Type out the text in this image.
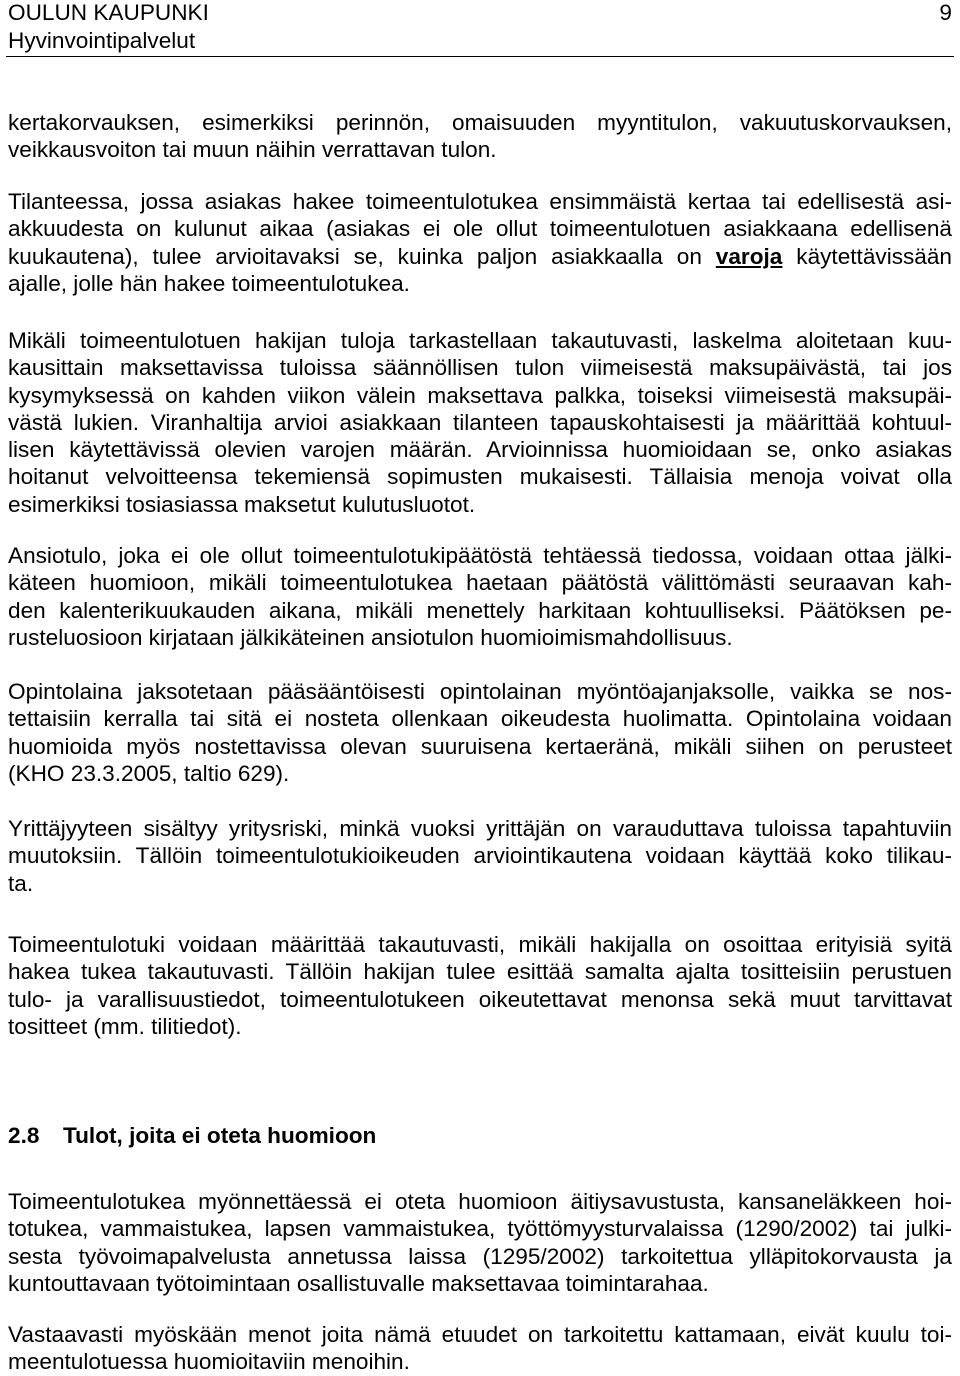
OULUN KAUPUNKI
Hyvinvointipalvelut
9
kertakorvauksen, esimerkiksi perinnön, omaisuuden myyntitulon, vakuutuskorvauksen,
veikkausvoiton tai muun näihin verrattavan tulon.
Tilanteessa, jossa asiakas hakee toimeentulotukea ensimmäistä kertaa tai edellisestä asi-
akkuudesta on kulunut aikaa (asiakas ei ole ollut toimeentulotuen asiakkaana edellisenä
kuukautena), tulee arvioitavaksi se, kuinka paljon asiakkaalla on varoja käytettävissään
ajalle, jolle hän hakee toimeentulotukea.
Mikäli toimeentulotuen hakijan tuloja tarkastellaan takautuvasti, laskelma aloitetaan kuu-
kausittain maksettavissa tuloissa säännöllisen tulon viimeisestä maksupäivästä, tai jos
kysymyksessä on kahden viikon välein maksettava palkka, toiseksi viimeisestä maksupäi-
västä lukien. Viranhaltija arvioi asiakkaan tilanteen tapauskohtaisesti ja määrittää kohtuul-
lisen käytettävissä olevien varojen määrän. Arvioinnissa huomioidaan se, onko asiakas
hoitanut velvoitteensa tekemiensä sopimusten mukaisesti. Tällaisia menoja voivat olla
esimerkiksi tosiasiassa maksetut kulutusluotot.
Ansiotulo, joka ei ole ollut toimeentulotukipäätöstä tehtäessä tiedossa, voidaan ottaa jälki-
käteen huomioon, mikäli toimeentulotukea haetaan päätöstä välittömästi seuraavan kah-
den kalenterikuukauden aikana, mikäli menettely harkitaan kohtuulliseksi. Päätöksen pe-
rusteluosioon kirjataan jälkikäteinen ansiotulon huomioimismahdollisuus.
Opintolaina jaksotetaan pääsääntöisesti opintolainan myöntöajanjaksolle, vaikka se nos-
tettaisiin kerralla tai sitä ei nosteta ollenkaan oikeudesta huolimatta. Opintolaina voidaan
huomioida myös nostettavissa olevan suuruisena kertaeränä, mikäli siihen on perusteet
(KHO 23.3.2005, taltio 629).
Yrittäjyyteen sisältyy yritysriski, minkä vuoksi yrittäjän on varauduttava tuloissa tapahtuviin
muutoksiin. Tällöin toimeentulotukioikeuden arviointikautena voidaan käyttää koko tilikau-
ta.
Toimeentulotuki voidaan määrittää takautuvasti, mikäli hakijalla on osoittaa erityisiä syitä
hakea tukea takautuvasti. Tällöin hakijan tulee esittää samalta ajalta tositteisiin perustuen
tulo- ja varallisuustiedot, toimeentulotukeen oikeutettavat menonsa sekä muut tarvittavat
tositteet (mm. tilitiedot).
2.8 Tulot, joita ei oteta huomioon
Toimeentulotukea myönnettäessä ei oteta huomioon äitiysavustusta, kansaneläkkeen hoi-
totukea, vammaistukea, lapsen vammaistukea, työttömyysturvalaissa (1290/2002) tai julki-
sesta työvoimapalvelusta annetussa laissa (1295/2002) tarkoitettua ylläpitokorvausta ja
kuntouttavaan työtoimintaan osallistuvalle maksettavaa toimintarahaa.
Vastaavasti myöskään menot joita nämä etuudet on tarkoitettu kattamaan, eivät kuulu toi-
meentulotuessa huomioitaviin menoihin.
